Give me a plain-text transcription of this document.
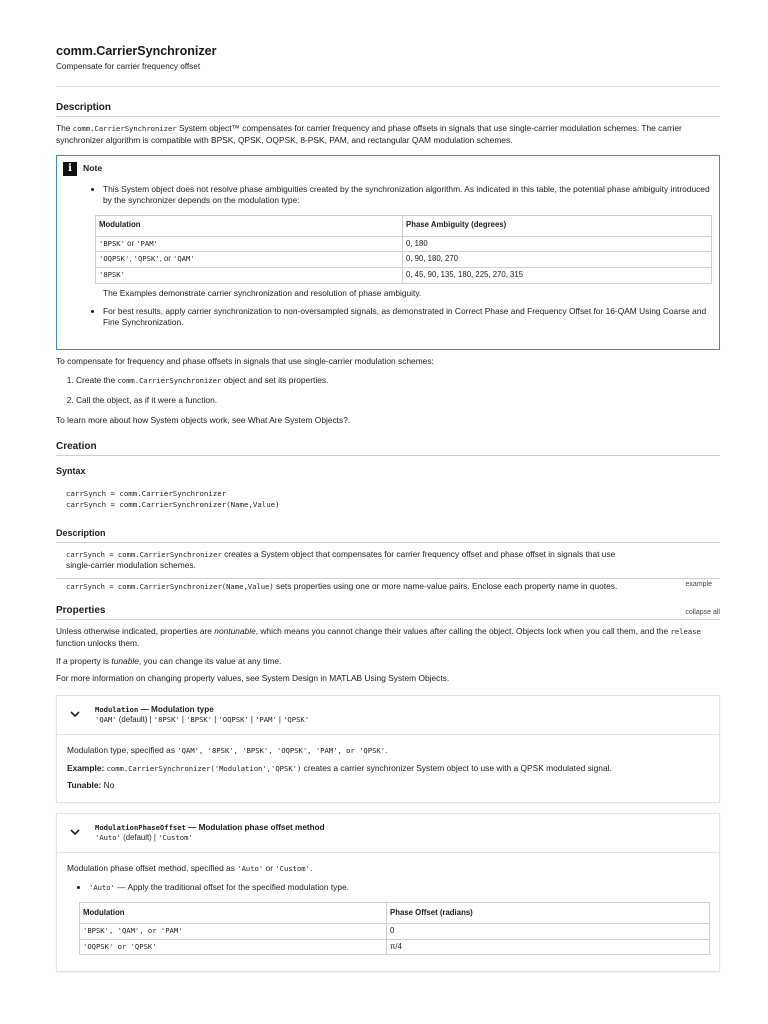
comm.CarrierSynchronizer
Compensate for carrier frequency offset
Description

The comm.CarrierSynchronizer System object™ compensates for carrier frequency and phase offsets in signals that use single-carrier modulation schemes. The carrier synchronizer algorithm is compatible with BPSK, QPSK, OQPSK, 8-PSK, PAM, and rectangular QAM modulation schemes.

i	Note
• This System object does not resolve phase ambiguities created by the synchronization algorithm. As indicated in this table, the potential phase ambiguity introduced by the synchronizer depends on the modulation type:
Modulation	Phase Ambiguity (degrees)
'BPSK' or 'PAM'	0, 180
'OQPSK', 'QPSK', or 'QAM'	0, 90, 180, 270
'8PSK'	0, 45, 90, 135, 180, 225, 270, 315
The Examples demonstrate carrier synchronization and resolution of phase ambiguity.
• For best results, apply carrier synchronization to non-oversampled signals, as demonstrated in Correct Phase and Frequency Offset for 16-QAM Using Coarse and Fine Synchronization.

To compensate for frequency and phase offsets in signals that use single-carrier modulation schemes:

1. Create the comm.CarrierSynchronizer object and set its properties.
2. Call the object, as if it were a function.

To learn more about how System objects work, see What Are System Objects?.

Creation
Syntax
carrSynch = comm.CarrierSynchronizer
carrSynch = comm.CarrierSynchronizer(Name,Value)
Description
carrSynch = comm.CarrierSynchronizer creates a System object that compensates for carrier frequency offset and phase offset in signals that use single-carrier modulation schemes.
carrSynch = comm.CarrierSynchronizer(Name,Value) sets properties using one or more name-value pairs. Enclose each property name in quotes.	example
Properties	collapse all

Unless otherwise indicated, properties are nontunable, which means you cannot change their values after calling the object. Objects lock when you call them, and the release function unlocks them.

If a property is tunable, you can change its value at any time.

For more information on changing property values, see System Design in MATLAB Using System Objects.

Modulation — Modulation type
'QAM' (default) | '8PSK' | 'BPSK' | 'OQPSK' | 'PAM' | 'QPSK'

Modulation type, specified as 'QAM', '8PSK', 'BPSK', 'OQPSK', 'PAM', or 'QPSK'.

Example: comm.CarrierSynchronizer('Modulation','QPSK') creates a carrier synchronizer System object to use with a QPSK modulated signal.

Tunable: No

ModulationPhaseOffset — Modulation phase offset method
'Auto' (default) | 'Custom'

Modulation phase offset method, specified as 'Auto' or 'Custom'.

• 'Auto' — Apply the traditional offset for the specified modulation type.
Modulation	Phase Offset (radians)
'BPSK', 'QAM', or 'PAM'	0
'OQPSK' or 'QPSK'	π/4
